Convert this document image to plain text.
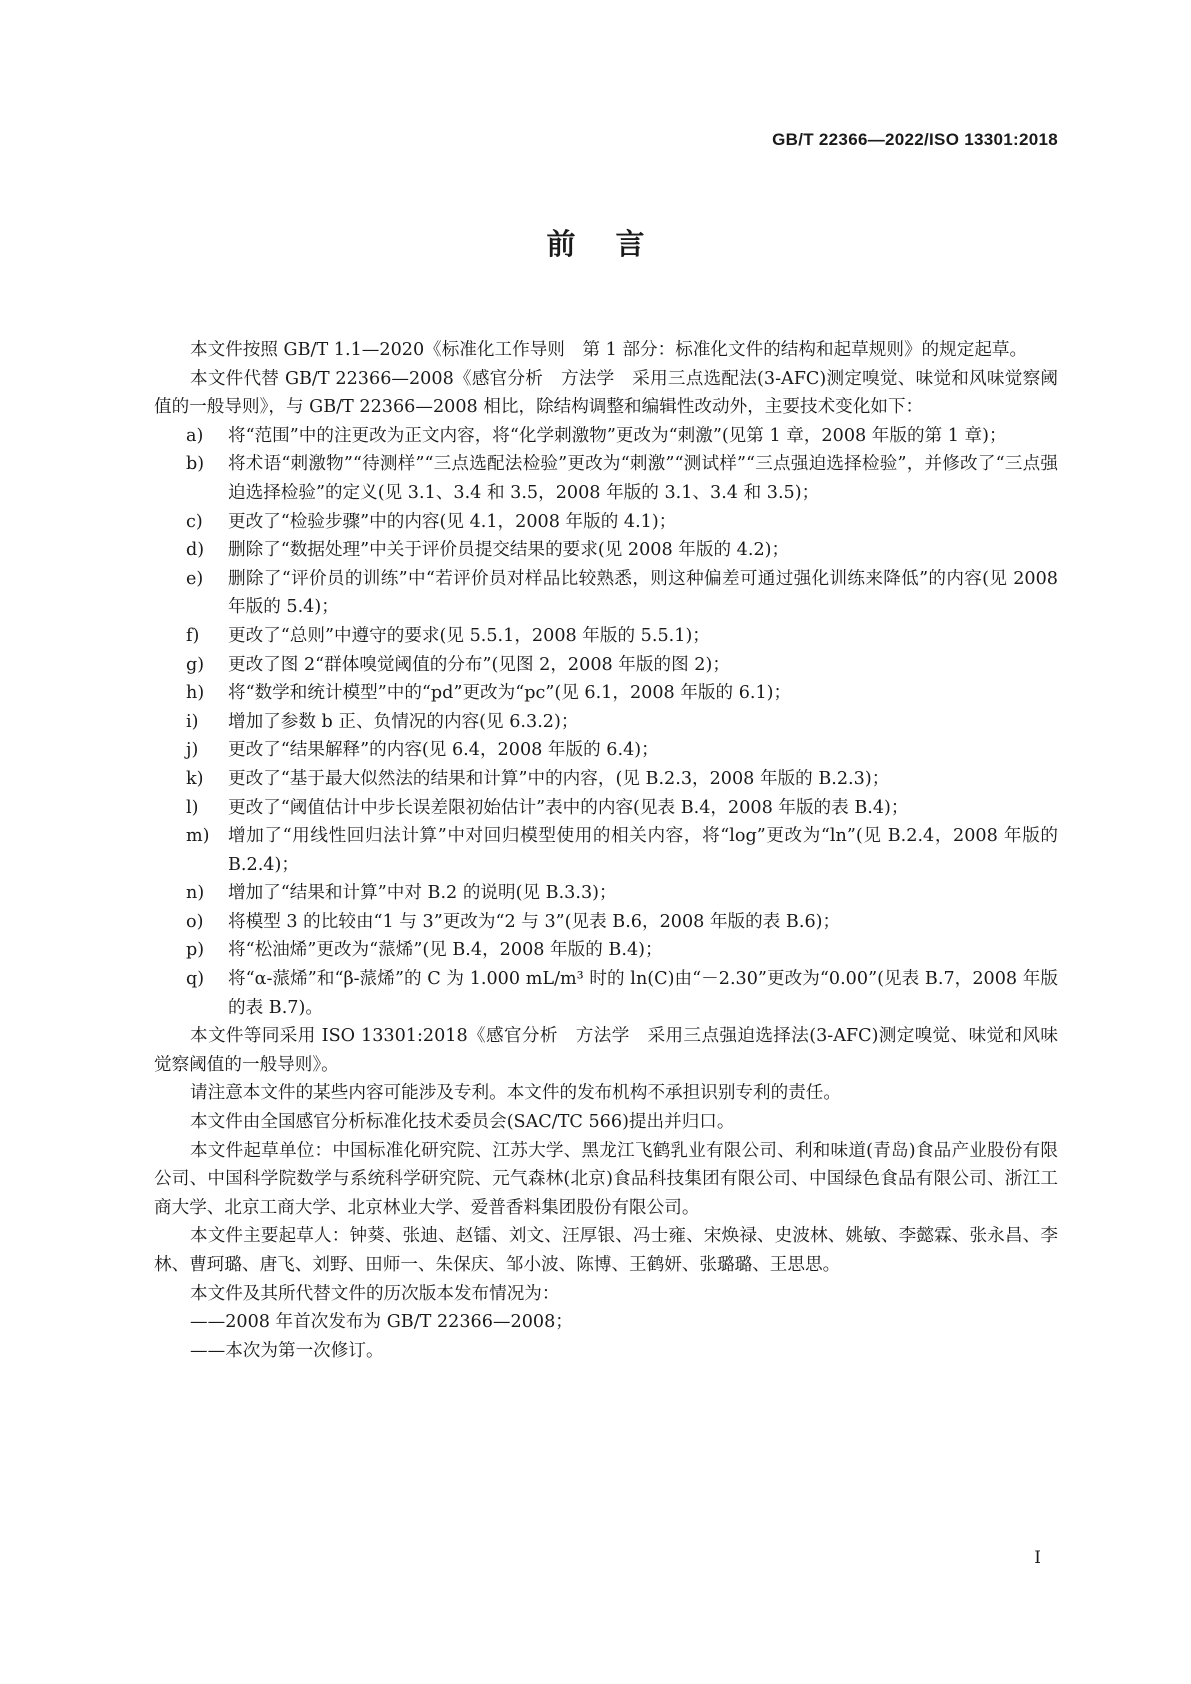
GB/T 22366—2022/ISO 13301:2018
前言

本文件按照 GB/T 1.1—2020《标准化工作导则　第 1 部分：标准化文件的结构和起草规则》的规定起草。

本文件代替 GB/T 22366—2008《感官分析　方法学　采用三点选配法(3-AFC)测定嗅觉、味觉和风味觉察阈值的一般导则》，与 GB/T 22366—2008 相比，除结构调整和编辑性改动外，主要技术变化如下：

a) 将“范围”中的注更改为正文内容，将“化学刺激物”更改为“刺激”(见第 1 章，2008 年版的第 1 章)；

b) 将术语“刺激物”“待测样”“三点选配法检验”更改为“刺激”“测试样”“三点强迫选择检验”，并修改了“三点强迫选择检验”的定义(见 3.1、3.4 和 3.5，2008 年版的 3.1、3.4 和 3.5)；

c) 更改了“检验步骤”中的内容(见 4.1，2008 年版的 4.1)；

d) 删除了“数据处理”中关于评价员提交结果的要求(见 2008 年版的 4.2)；

e) 删除了“评价员的训练”中“若评价员对样品比较熟悉，则这种偏差可通过强化训练来降低”的内容(见 2008 年版的 5.4)；

f) 更改了“总则”中遵守的要求(见 5.5.1，2008 年版的 5.5.1)；

g) 更改了图 2“群体嗅觉阈值的分布”(见图 2，2008 年版的图 2)；

h) 将“数学和统计模型”中的“pd”更改为“pc”(见 6.1，2008 年版的 6.1)；

i) 增加了参数 b 正、负情况的内容(见 6.3.2)；

j) 更改了“结果解释”的内容(见 6.4，2008 年版的 6.4)；

k) 更改了“基于最大似然法的结果和计算”中的内容，(见 B.2.3，2008 年版的 B.2.3)；

l) 更改了“阈值估计中步长误差限初始估计”表中的内容(见表 B.4，2008 年版的表 B.4)；

m) 增加了“用线性回归法计算”中对回归模型使用的相关内容，将“log”更改为“ln”(见 B.2.4，2008 年版的 B.2.4)；

n) 增加了“结果和计算”中对 B.2 的说明(见 B.3.3)；

o) 将模型 3 的比较由“1 与 3”更改为“2 与 3”(见表 B.6，2008 年版的表 B.6)；

p) 将“松油烯”更改为“蒎烯”(见 B.4，2008 年版的 B.4)；

q) 将“α-蒎烯”和“β-蒎烯”的 C 为 1.000 mL/m³ 时的 ln(C)由“－2.30”更改为“0.00”(见表 B.7，2008 年版的表 B.7)。

本文件等同采用 ISO 13301:2018《感官分析　方法学　采用三点强迫选择法(3-AFC)测定嗅觉、味觉和风味觉察阈值的一般导则》。

请注意本文件的某些内容可能涉及专利。本文件的发布机构不承担识别专利的责任。

本文件由全国感官分析标准化技术委员会(SAC/TC 566)提出并归口。

本文件起草单位：中国标准化研究院、江苏大学、黑龙江飞鹤乳业有限公司、利和味道(青岛)食品产业股份有限公司、中国科学院数学与系统科学研究院、元气森林(北京)食品科技集团有限公司、中国绿色食品有限公司、浙江工商大学、北京工商大学、北京林业大学、爱普香料集团股份有限公司。

本文件主要起草人：钟葵、张迪、赵镭、刘文、汪厚银、冯士雍、宋焕禄、史波林、姚敏、李懿霖、张永昌、李林、曹珂璐、唐飞、刘野、田师一、朱保庆、邹小波、陈博、王鹤妍、张璐璐、王思思。

本文件及其所代替文件的历次版本发布情况为：

——2008 年首次发布为 GB/T 22366—2008；

——本次为第一次修订。

I
